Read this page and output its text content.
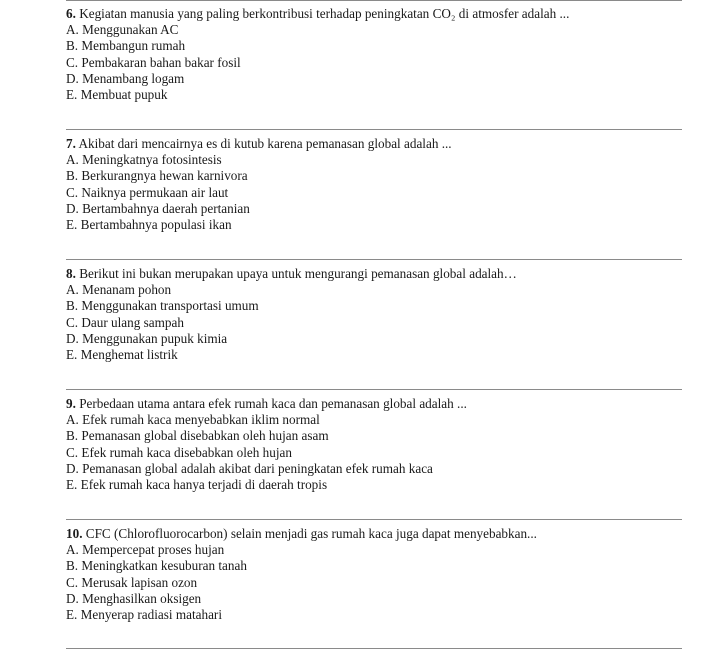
6. Kegiatan manusia yang paling berkontribusi terhadap peningkatan CO₂ di atmosfer adalah ...
A. Menggunakan AC
B. Membangun rumah
C. Pembakaran bahan bakar fosil
D. Menambang logam
E. Membuat pupuk
7. Akibat dari mencairnya es di kutub karena pemanasan global adalah ...
A. Meningkatnya fotosintesis
B. Berkurangnya hewan karnivora
C. Naiknya permukaan air laut
D. Bertambahnya daerah pertanian
E. Bertambahnya populasi ikan
8. Berikut ini bukan merupakan upaya untuk mengurangi pemanasan global adalah…
A. Menanam pohon
B. Menggunakan transportasi umum
C. Daur ulang sampah
D. Menggunakan pupuk kimia
E. Menghemat listrik
9. Perbedaan utama antara efek rumah kaca dan pemanasan global adalah ...
A. Efek rumah kaca menyebabkan iklim normal
B. Pemanasan global disebabkan oleh hujan asam
C. Efek rumah kaca disebabkan oleh hujan
D. Pemanasan global adalah akibat dari peningkatan efek rumah kaca
E. Efek rumah kaca hanya terjadi di daerah tropis
10. CFC (Chlorofluorocarbon) selain menjadi gas rumah kaca juga dapat menyebabkan...
A. Mempercepat proses hujan
B. Meningkatkan kesuburan tanah
C. Merusak lapisan ozon
D. Menghasilkan oksigen
E. Menyerap radiasi matahari
